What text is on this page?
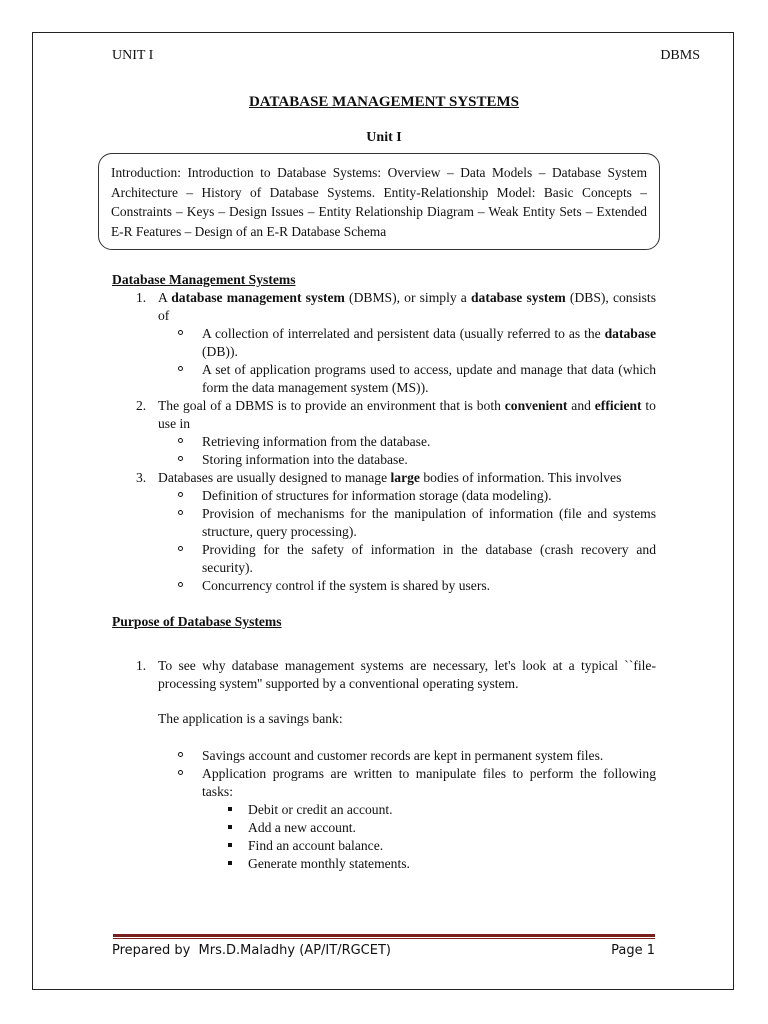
UNIT I	DBMS
DATABASE MANAGEMENT SYSTEMS
Unit I
Introduction: Introduction to Database Systems: Overview – Data Models – Database System Architecture – History of Database Systems. Entity-Relationship Model: Basic Concepts – Constraints – Keys – Design Issues – Entity Relationship Diagram – Weak Entity Sets – Extended E-R Features – Design of an E-R Database Schema

Database Management Systems

1. A database management system (DBMS), or simply a database system (DBS), consists of
A collection of interrelated and persistent data (usually referred to as the database (DB)).
A set of application programs used to access, update and manage that data (which form the data management system (MS)).
2. The goal of a DBMS is to provide an environment that is both convenient and efficient to use in
Retrieving information from the database.
Storing information into the database.
3. Databases are usually designed to manage large bodies of information. This involves
Definition of structures for information storage (data modeling).
Provision of mechanisms for the manipulation of information (file and systems structure, query processing).
Providing for the safety of information in the database (crash recovery and security).
Concurrency control if the system is shared by users.

Purpose of Database Systems

1. To see why database management systems are necessary, let's look at a typical ``file-processing system'' supported by a conventional operating system.

The application is a savings bank:

Savings account and customer records are kept in permanent system files.
Application programs are written to manipulate files to perform the following tasks:
Debit or credit an account.
Add a new account.
Find an account balance.
Generate monthly statements.
Prepared by  Mrs.D.Maladhy (AP/IT/RGCET)	Page 1
